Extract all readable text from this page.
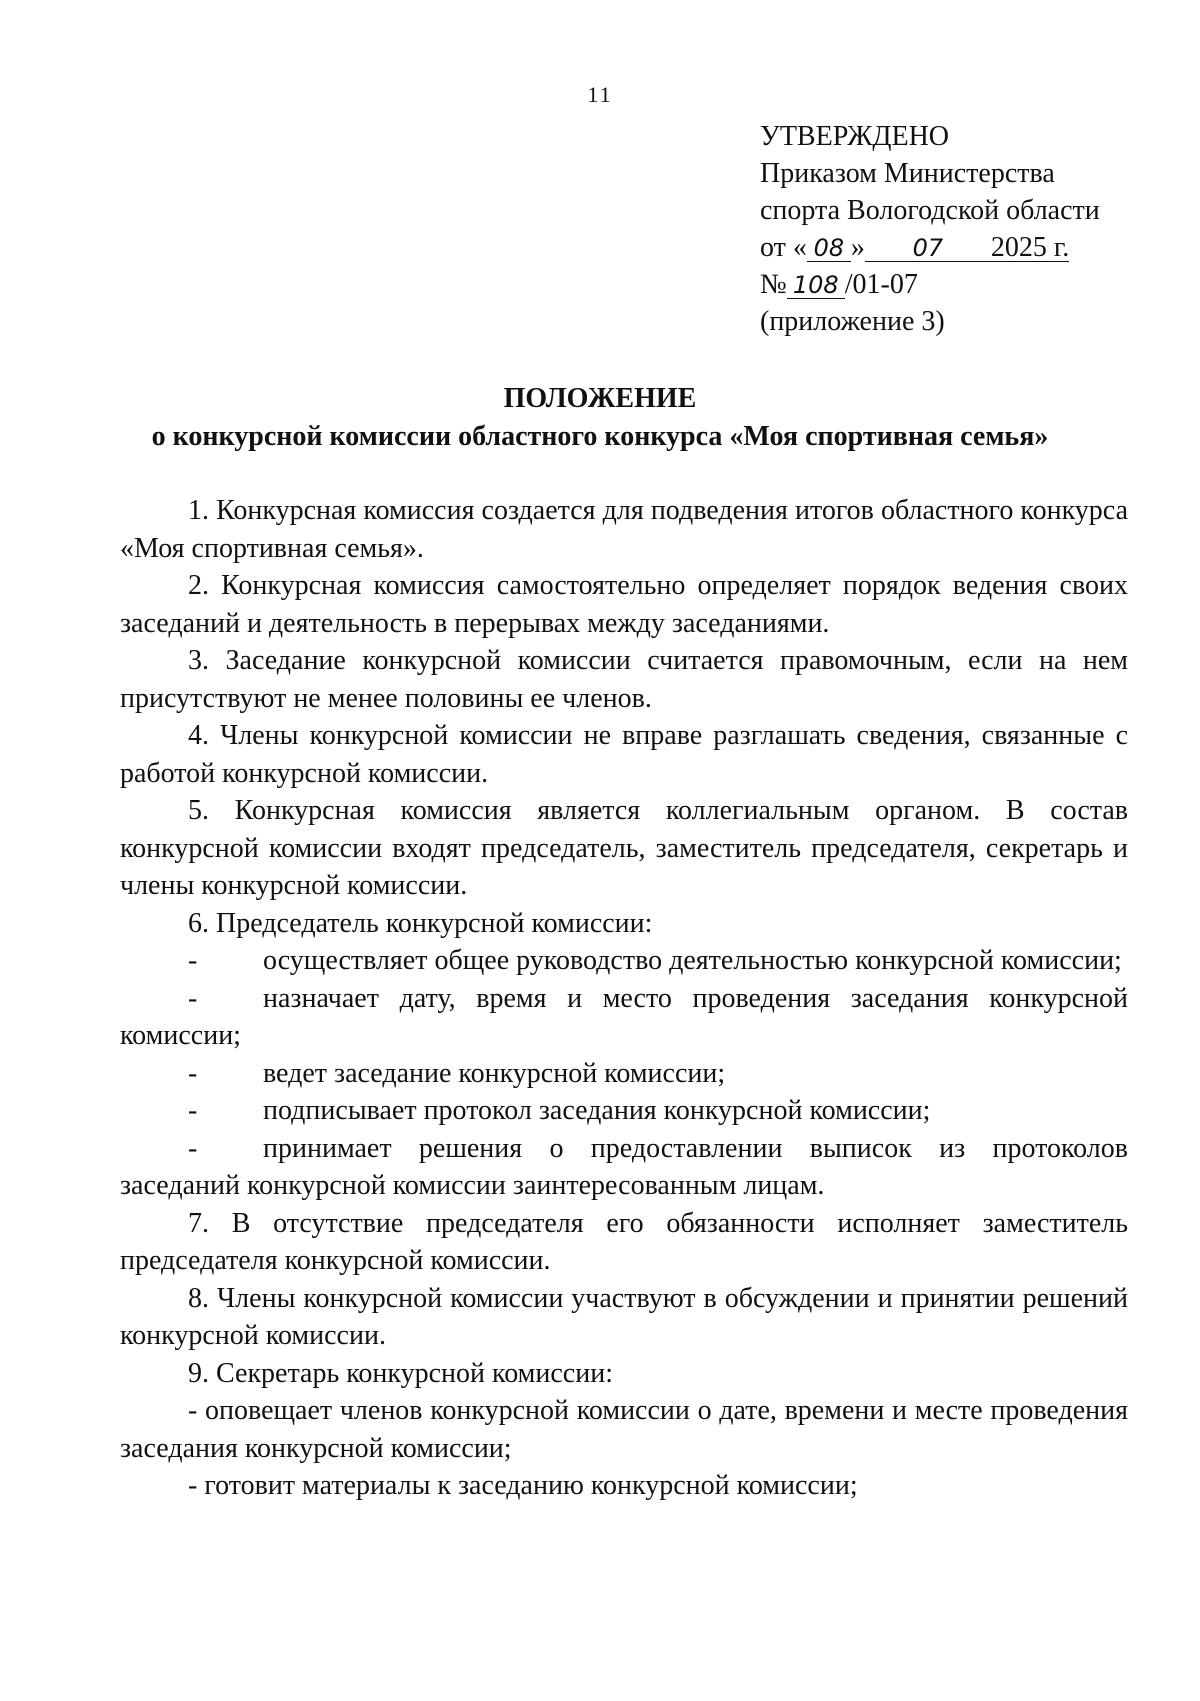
11
УТВЕРЖДЕНО
Приказом Министерства
спорта Вологодской области
от « 08 » 07 2025 г.
№ 108 /01-07
(приложение 3)
ПОЛОЖЕНИЕ
о конкурсной комиссии областного конкурса «Моя спортивная семья»

1. Конкурсная комиссия создается для подведения итогов областного конкурса «Моя спортивная семья».

2. Конкурсная комиссия самостоятельно определяет порядок ведения своих заседаний и деятельность в перерывах между заседаниями.

3. Заседание конкурсной комиссии считается правомочным, если на нем присутствуют не менее половины ее членов.

4. Члены конкурсной комиссии не вправе разглашать сведения, связанные с работой конкурсной комиссии.

5. Конкурсная комиссия является коллегиальным органом. В состав конкурсной комиссии входят председатель, заместитель председателя, секретарь и члены конкурсной комиссии.

6. Председатель конкурсной комиссии:

- осуществляет общее руководство деятельностью конкурсной комиссии;
- назначает дату, время и место проведения заседания конкурсной комиссии;
- ведет заседание конкурсной комиссии;
- подписывает протокол заседания конкурсной комиссии;
- принимает решения о предоставлении выписок из протоколов заседаний конкурсной комиссии заинтересованным лицам.

7. В отсутствие председателя его обязанности исполняет заместитель председателя конкурсной комиссии.

8. Члены конкурсной комиссии участвуют в обсуждении и принятии решений конкурсной комиссии.

9. Секретарь конкурсной комиссии:

- оповещает членов конкурсной комиссии о дате, времени и месте проведения заседания конкурсной комиссии;
- готовит материалы к заседанию конкурсной комиссии;
